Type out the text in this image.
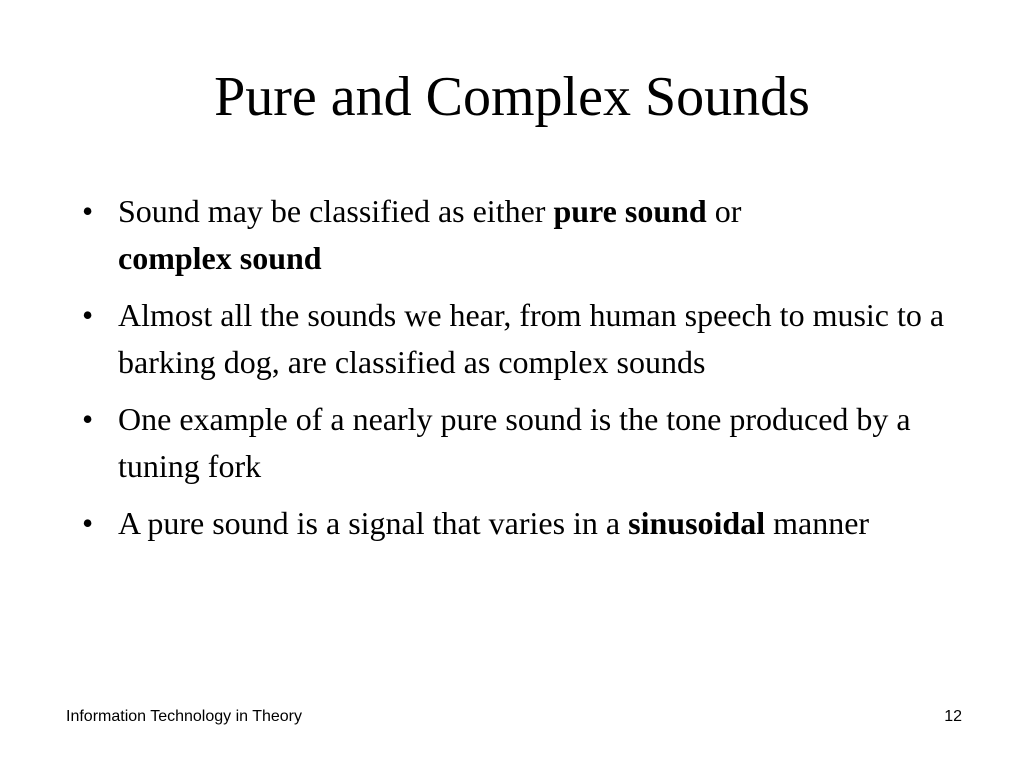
Pure and Complex Sounds
• Sound may be classified as either pure sound or
complex sound
• Almost all the sounds we hear, from human speech to music to a barking dog, are classified as complex sounds
• One example of a nearly pure sound is the tone produced by a tuning fork
• A pure sound is a signal that varies in a sinusoidal manner
Information Technology in Theory	12
